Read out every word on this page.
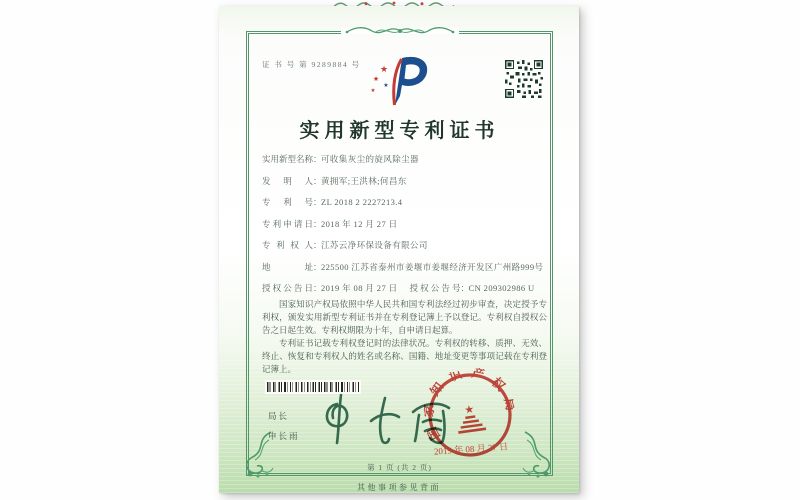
证 书 号 第 9289884 号 ★
★
★
★
实用新型专利证书
实用新型名称：可收集灰尘的旋风除尘器
发明人：黄拥军;王洪林;何昌东
专利号：ZL 2018 2 2227213.4
专利申请日：2018 年 12 月 27 日
专利权人：江苏云净环保设备有限公司
地址：225500 江苏省泰州市姜堰市姜堰经济开发区广州路999号
授权公告日：2019 年 08 月 27 日 授权公告号：CN 209302986 U

国家知识产权局依照中华人民共和国专利法经过初步审查，决定授予专利权，颁发实用新型专利证书并在专利登记簿上予以登记。专利权自授权公告之日起生效。专利权期限为十年，自申请日起算。

专利证书记载专利权登记时的法律状况。专利权的转移、质押、无效、终止、恢复和专利权人的姓名或名称、国籍、地址变更等事项记载在专利登记簿上。

局长
申长雨	国家知识产权局
★
2019 年 08 月 27 日
第 1 页 (共 2 页)
其他事项参见背面
